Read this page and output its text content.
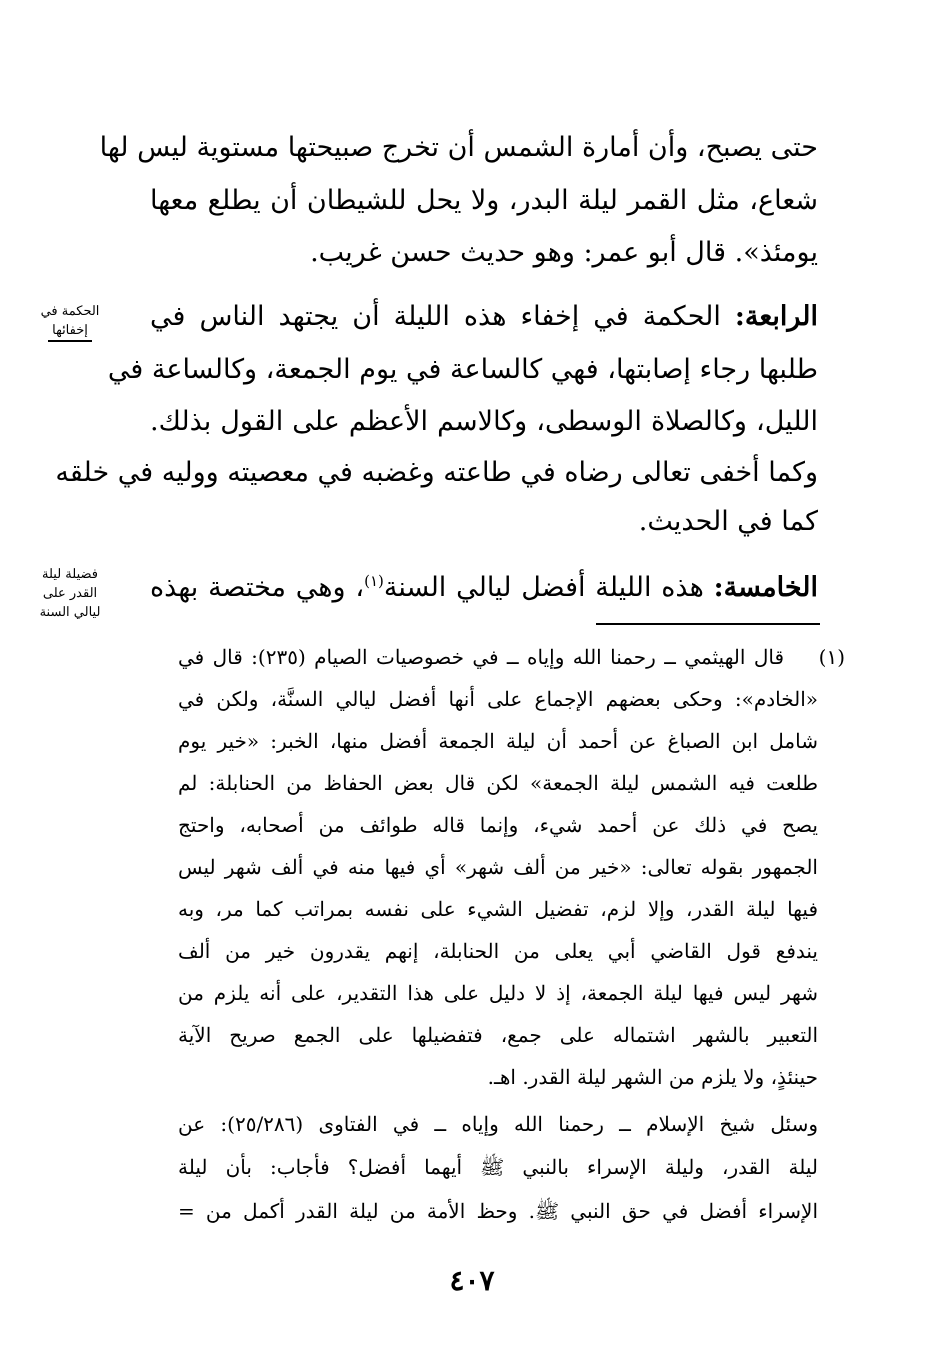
حتى يصبح، وأن أمارة الشمس أن تخرج صبيحتها مستوية ليس لها
شعاع، مثل القمر ليلة البدر، ولا يحل للشيطان أن يطلع معها
يومئذ». قال أبو عمر: وهو حديث حسن غريب.
الرابعة: الحكمة في إخفاء هذه الليلة أن يجتهد الناس في
طلبها رجاء إصابتها، فهي كالساعة في يوم الجمعة، وكالساعة في
الليل، وكالصلاة الوسطى، وكالاسم الأعظم على القول بذلك.
وكما أخفى تعالى رضاه في طاعته وغضبه في معصيته ووليه في خلقه
كما في الحديث.
الخامسة: هذه الليلة أفضل ليالي السنة$^{(١)}$، وهي مختصة بهذه
الحكمة في
إخفائها
فضيلة ليلة
القدر على
ليالي السنة
(١)
قال الهيثمي ــ رحمنا الله وإياه ــ في خصوصيات الصيام (٢٣٥): قال في
«الخادم»: وحكى بعضهم الإجماع على أنها أفضل ليالي السنَّة، ولكن في
شامل ابن الصباغ عن أحمد أن ليلة الجمعة أفضل منها، الخبر: «خير يوم
طلعت فيه الشمس ليلة الجمعة» لكن قال بعض الحفاظ من الحنابلة: لم
يصح في ذلك عن أحمد شيء، وإنما قاله طوائف من أصحابه، واحتج
الجمهور بقوله تعالى: «خير من ألف شهر» أي فيها منه في ألف شهر ليس
فيها ليلة القدر، وإلا لزم، تفضيل الشيء على نفسه بمراتب كما مر، وبه
يندفع قول القاضي أبي يعلى من الحنابلة، إنهم يقدرون خير من ألف
شهر ليس فيها ليلة الجمعة، إذ لا دليل على هذا التقدير، على أنه يلزم من
التعبير بالشهر اشتماله على جمع، فتفضيلها على الجمع صريح الآية
حينئذٍ، ولا يلزم من الشهر ليلة القدر. اهـ.
وسئل شيخ الإسلام ــ رحمنا الله وإياه ــ في الفتاوى (٢٥/٢٨٦): عن
ليلة القدر، وليلة الإسراء بالنبي ﷺ أيهما أفضل؟ فأجاب: بأن ليلة
الإسراء أفضل في حق النبي ﷺ. وحظ الأمة من ليلة القدر أكمل من =
٤٠٧
